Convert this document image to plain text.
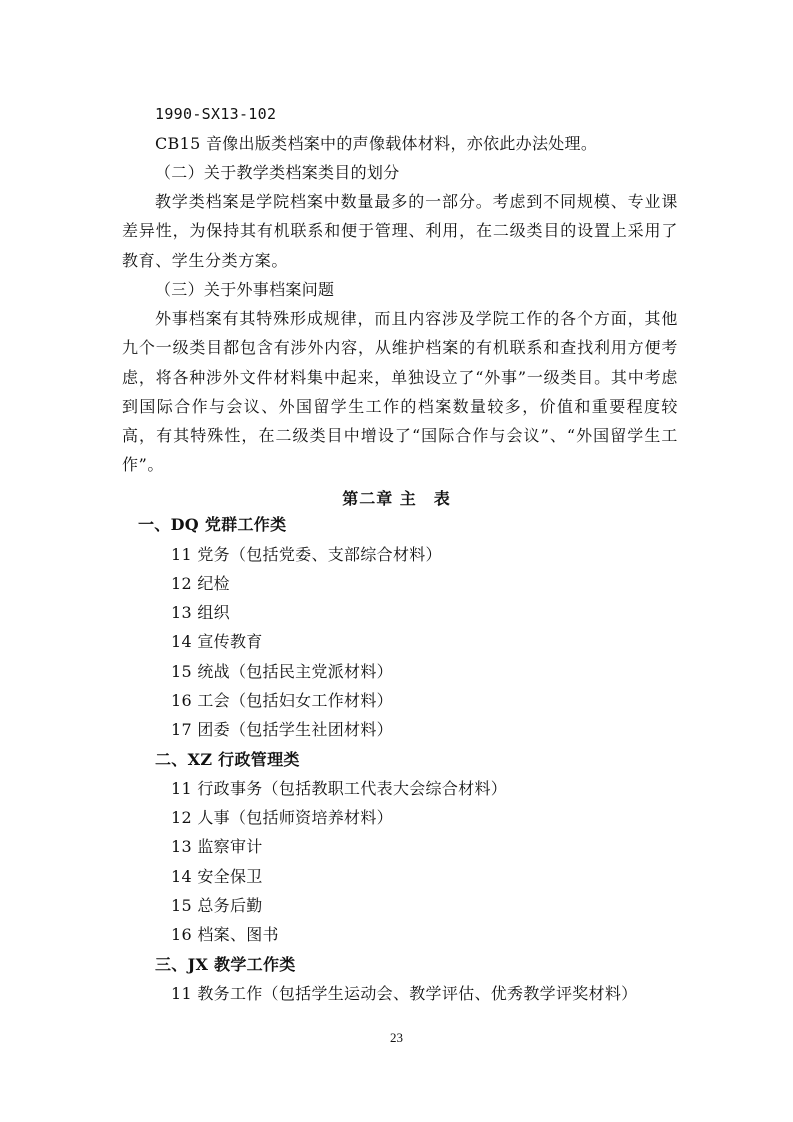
1990-SX13-102
CB15 音像出版类档案中的声像载体材料，亦依此办法处理。
（二）关于教学类档案类目的划分
教学类档案是学院档案中数量最多的一部分。考虑到不同规模、专业课差异性，为保持其有机联系和便于管理、利用，在二级类目的设置上采用了教育、学生分类方案。
（三）关于外事档案问题
外事档案有其特殊形成规律，而且内容涉及学院工作的各个方面，其他九个一级类目都包含有涉外内容，从维护档案的有机联系和查找利用方便考虑，将各种涉外文件材料集中起来，单独设立了“外事”一级类目。其中考虑到国际合作与会议、外国留学生工作的档案数量较多，价值和重要程度较高，有其特殊性，在二级类目中增设了“国际合作与会议”、“外国留学生工作”。
第二章 主　表
一、DQ 党群工作类
11 党务（包括党委、支部综合材料）
12 纪检
13 组织
14 宣传教育
15 统战（包括民主党派材料）
16 工会（包括妇女工作材料）
17 团委（包括学生社团材料）
二、XZ 行政管理类
11 行政事务（包括教职工代表大会综合材料）
12 人事（包括师资培养材料）
13 监察审计
14 安全保卫
15 总务后勤
16 档案、图书
三、JX 教学工作类
11 教务工作（包括学生运动会、教学评估、优秀教学评奖材料）
23
